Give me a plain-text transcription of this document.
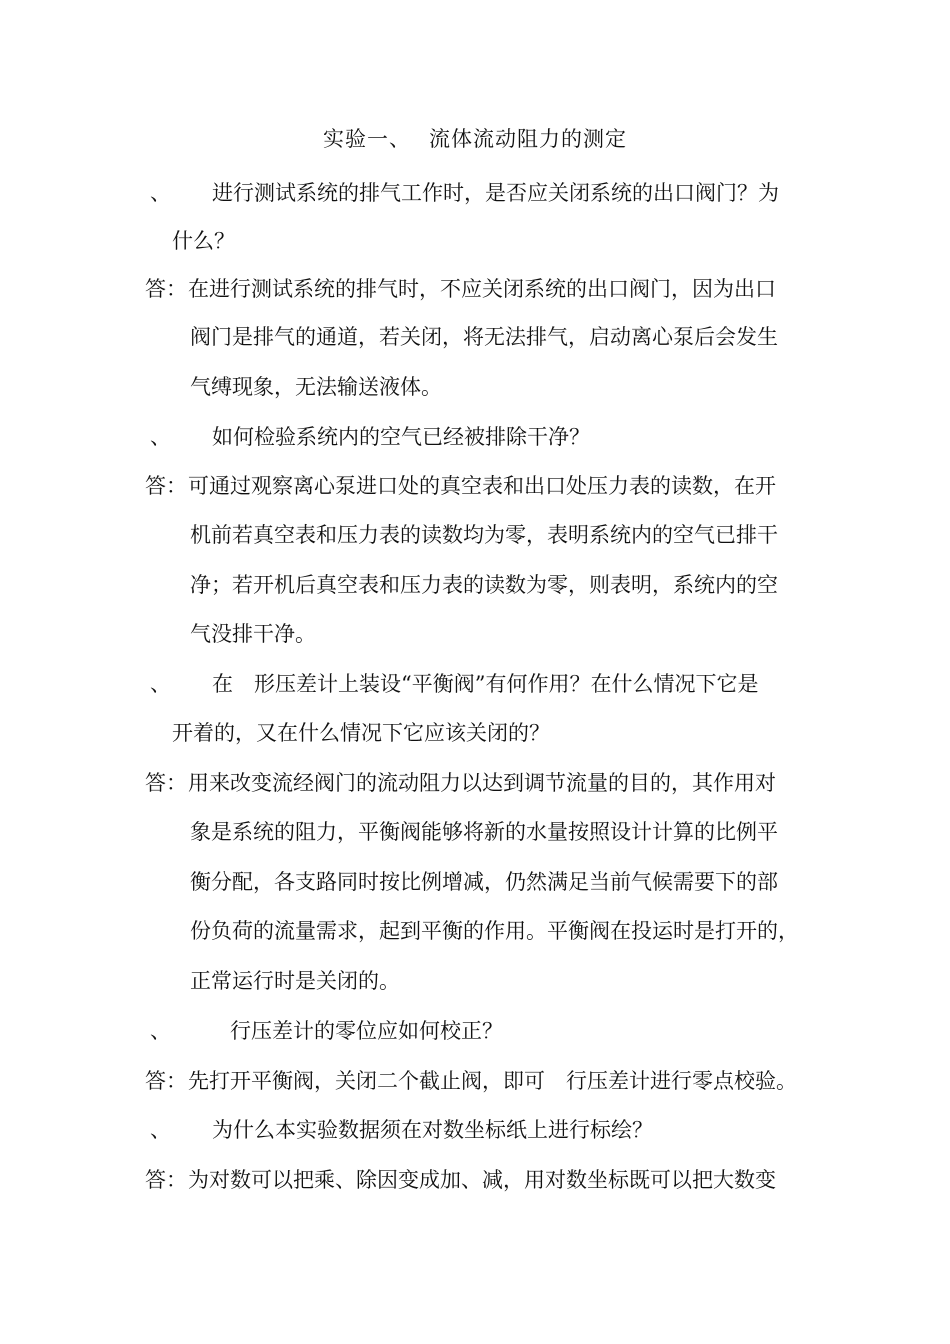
实验一、 流体流动阻力的测定
、 进行测试系统的排气工作时，是否应关闭系统的出口阀门？为
什么？
答： 在进行测试系统的排气时，不应关闭系统的出口阀门，因为出口
阀门是排气的通道，若关闭，将无法排气，启动离心泵后会发生
气缚现象，无法输送液体。
、 如何检验系统内的空气已经被排除干净？
答： 可通过观察离心泵进口处的真空表和出口处压力表的读数，在开
机前若真空表和压力表的读数均为零，表明系统内的空气已排干
净；若开机后真空表和压力表的读数为零，则表明，系统内的空
气没排干净。
、 在　形压差计上装设“平衡阀”有何作用？在什么情况下它是
开着的，又在什么情况下它应该关闭的？
答： 用来改变流经阀门的流动阻力以达到调节流量的目的，其作用对
象是系统的阻力，平衡阀能够将新的水量按照设计计算的比例平
衡分配，各支路同时按比例增减，仍然满足当前气候需要下的部
份负荷的流量需求，起到平衡的作用。平衡阀在投运时是打开的，
正常运行时是关闭的。
、	行压差计的零位应如何校正？
答： 先打开平衡阀，关闭二个截止阀，即可　行压差计进行零点校验。
、 为什么本实验数据须在对数坐标纸上进行标绘？
答： 为对数可以把乘、除因变成加、减，用对数坐标既可以把大数变
